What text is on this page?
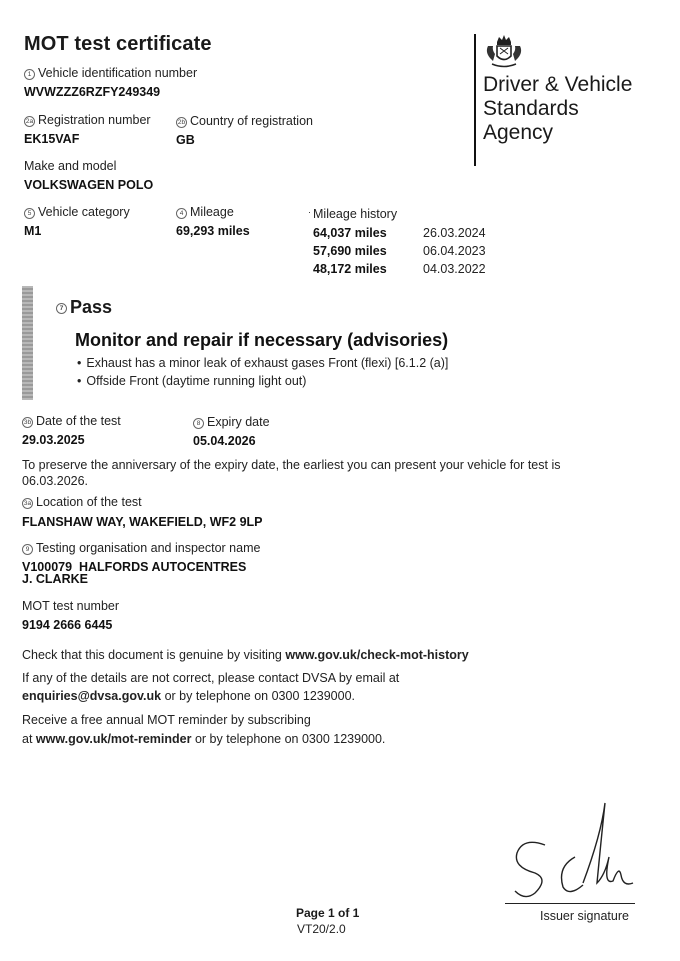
MOT test certificate
Driver & Vehicle
Standards
Agency
1 Vehicle identification number
WVWZZZ6RZFY249349
2a Registration number
EK15VAF
2b Country of registration
GB
Make and model
VOLKSWAGEN POLO
5 Vehicle category
M1
4 Mileage
69,293 miles
· Mileage history
64,037 miles	26.03.2024
57,690 miles	06.04.2023
48,172 miles	04.03.2022
7 Pass
Monitor and repair if necessary (advisories)
• Exhaust has a minor leak of exhaust gases Front (flexi) [6.1.2 (a)]
• Offside Front (daytime running light out)
3b Date of the test
29.03.2025
8 Expiry date
05.04.2026
To preserve the anniversary of the expiry date, the earliest you can present your vehicle for test is
06.03.2026.
3a Location of the test
FLANSHAW WAY, WAKEFIELD, WF2 9LP
9 Testing organisation and inspector name
V100079  HALFORDS AUTOCENTRES
J. CLARKE
MOT test number
9194 2666 6445
Check that this document is genuine by visiting www.gov.uk/check-mot-history
If any of the details are not correct, please contact DVSA by email at
enquiries@dvsa.gov.uk or by telephone on 0300 1239000.
Receive a free annual MOT reminder by subscribing
at www.gov.uk/mot-reminder or by telephone on 0300 1239000.
Issuer signature
Page 1 of 1
VT20/2.0
